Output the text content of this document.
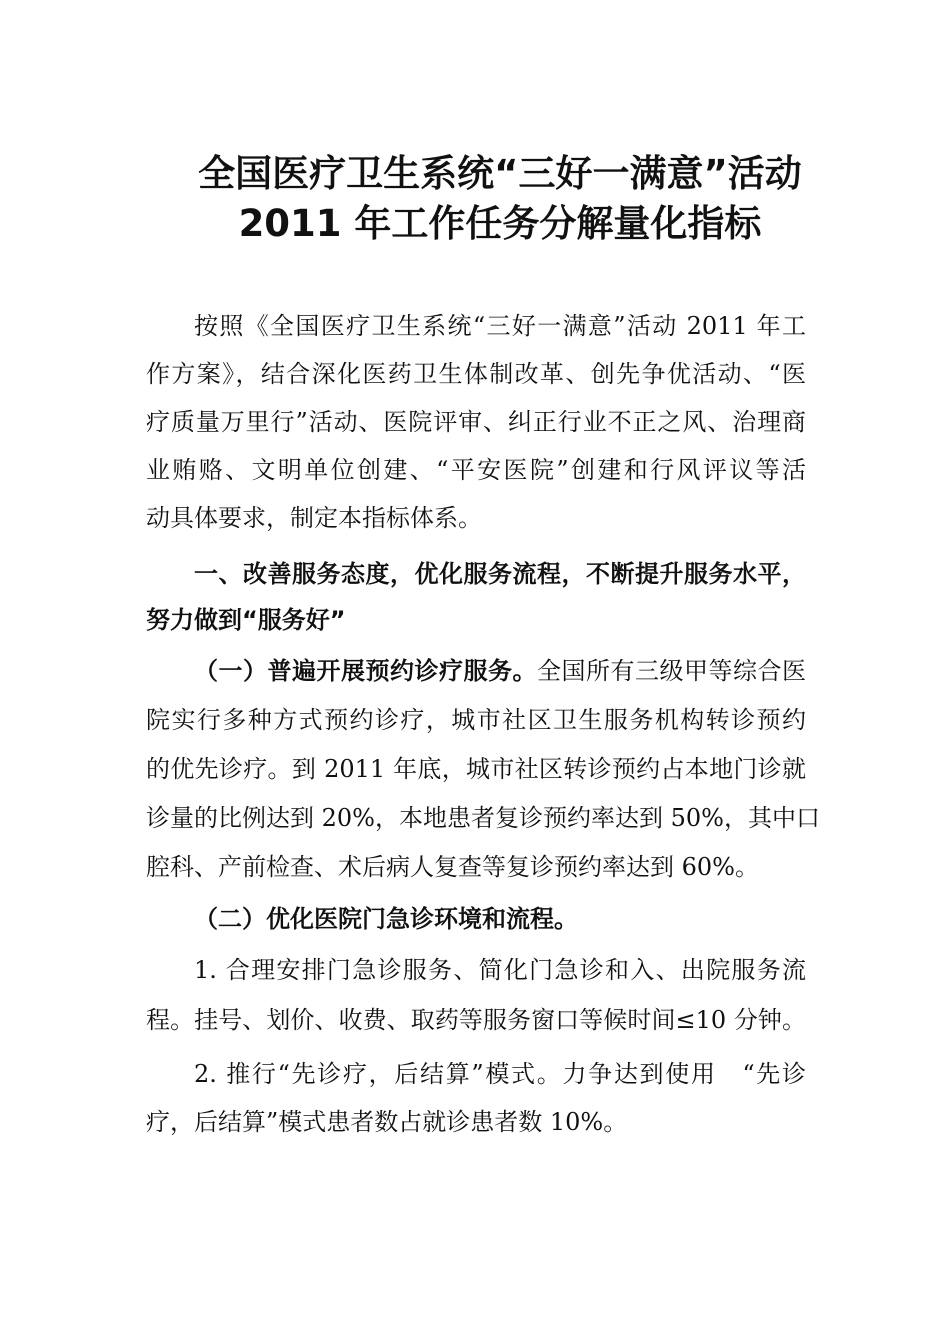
全国医疗卫生系统“三好一满意”活动
2011 年工作任务分解量化指标
按照《全国医疗卫生系统“三好一满意”活动 2011 年工
作方案》，结合深化医药卫生体制改革、创先争优活动、“医
疗质量万里行”活动、医院评审、纠正行业不正之风、治理商
业贿赂、文明单位创建、“平安医院”创建和行风评议等活
动具体要求，制定本指标体系。
一、改善服务态度，优化服务流程，不断提升服务水平，
努力做到“服务好”
（一）普遍开展预约诊疗服务。全国所有三级甲等综合医
院实行多种方式预约诊疗，城市社区卫生服务机构转诊预约
的优先诊疗。到 2011 年底，城市社区转诊预约占本地门诊就
诊量的比例达到 20%，本地患者复诊预约率达到 50%，其中口
腔科、产前检查、术后病人复查等复诊预约率达到 60%。
（二）优化医院门急诊环境和流程。
1. 合理安排门急诊服务、简化门急诊和入、出院服务流
程。挂号、划价、收费、取药等服务窗口等候时间≤10 分钟。
2. 推行“先诊疗，后结算”模式。力争达到使用　“先诊
疗，后结算”模式患者数占就诊患者数 10%。
